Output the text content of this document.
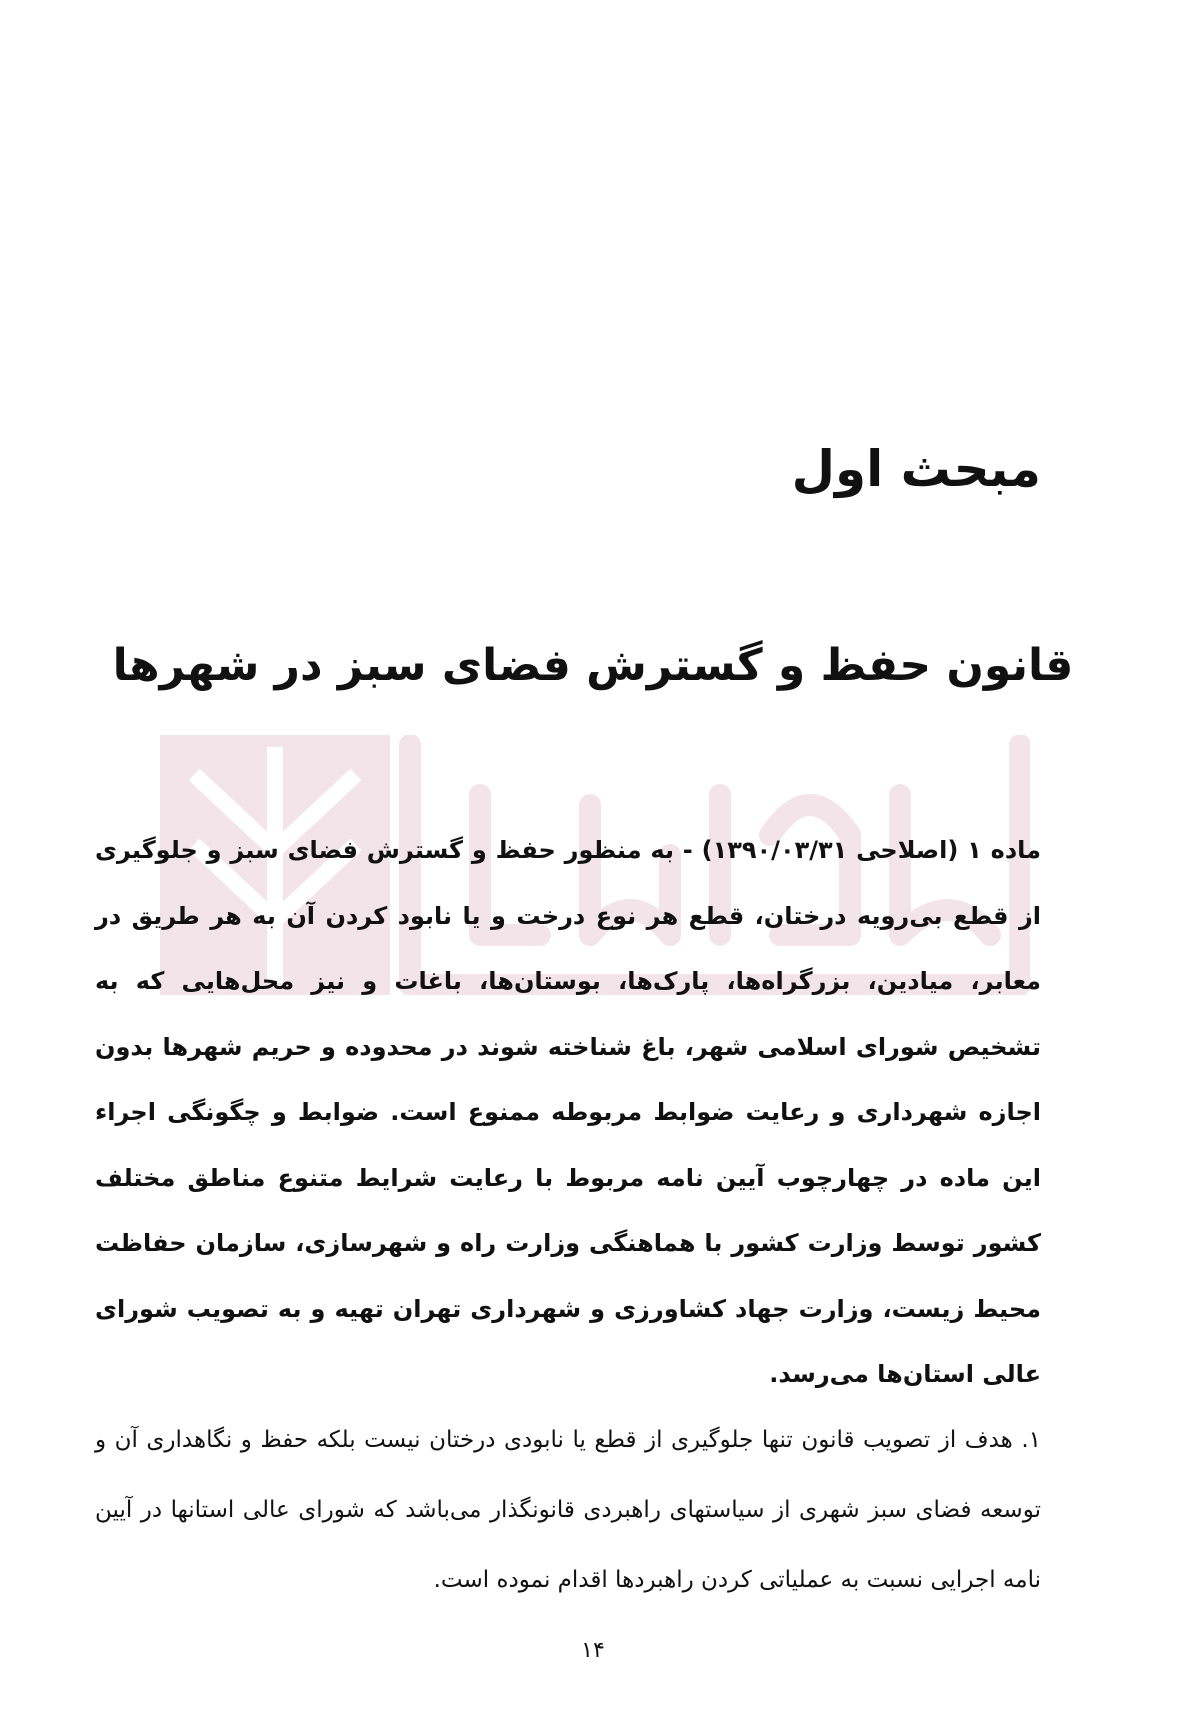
مبحث اول
قانون حفظ و گسترش فضای سبز در شهرها

ماده ۱ (اصلاحی ۱۳۹۰/۰۳/۳۱) - به منظور حفظ و گسترش فضای سبز و جلوگیری از قطع بی‌رویه درختان، قطع هر نوع درخت و یا نابود کردن آن به هر طریق در معابر، میادین، بزرگراه‌ها، پارک‌ها، بوستان‌ها، باغات و نیز محل‌هایی که به تشخیص شورای اسلامی شهر، باغ شناخته شوند در محدوده و حریم شهرها بدون اجازه شهرداری و رعایت ضوابط مربوطه ممنوع است. ضوابط و چگونگی اجراء این ماده در چهارچوب آیین نامه مربوط با رعایت شرایط متنوع مناطق مختلف کشور توسط وزارت کشور با هماهنگی وزارت راه و شهرسازی، سازمان حفاظت محیط زیست، وزارت جهاد کشاورزی و شهرداری تهران تهیه و به تصویب شورای عالی استان‌ها می‌رسد.

۱. هدف از تصویب قانون تنها جلوگیری از قطع یا نابودی درختان نیست بلکه حفظ و نگاهداری آن و توسعه فضای سبز شهری از سیاستهای راهبردی قانونگذار می‌باشد که شورای عالی استانها در آیین نامه اجرایی نسبت به عملیاتی کردن راهبردها اقدام نموده است.

۱۴
